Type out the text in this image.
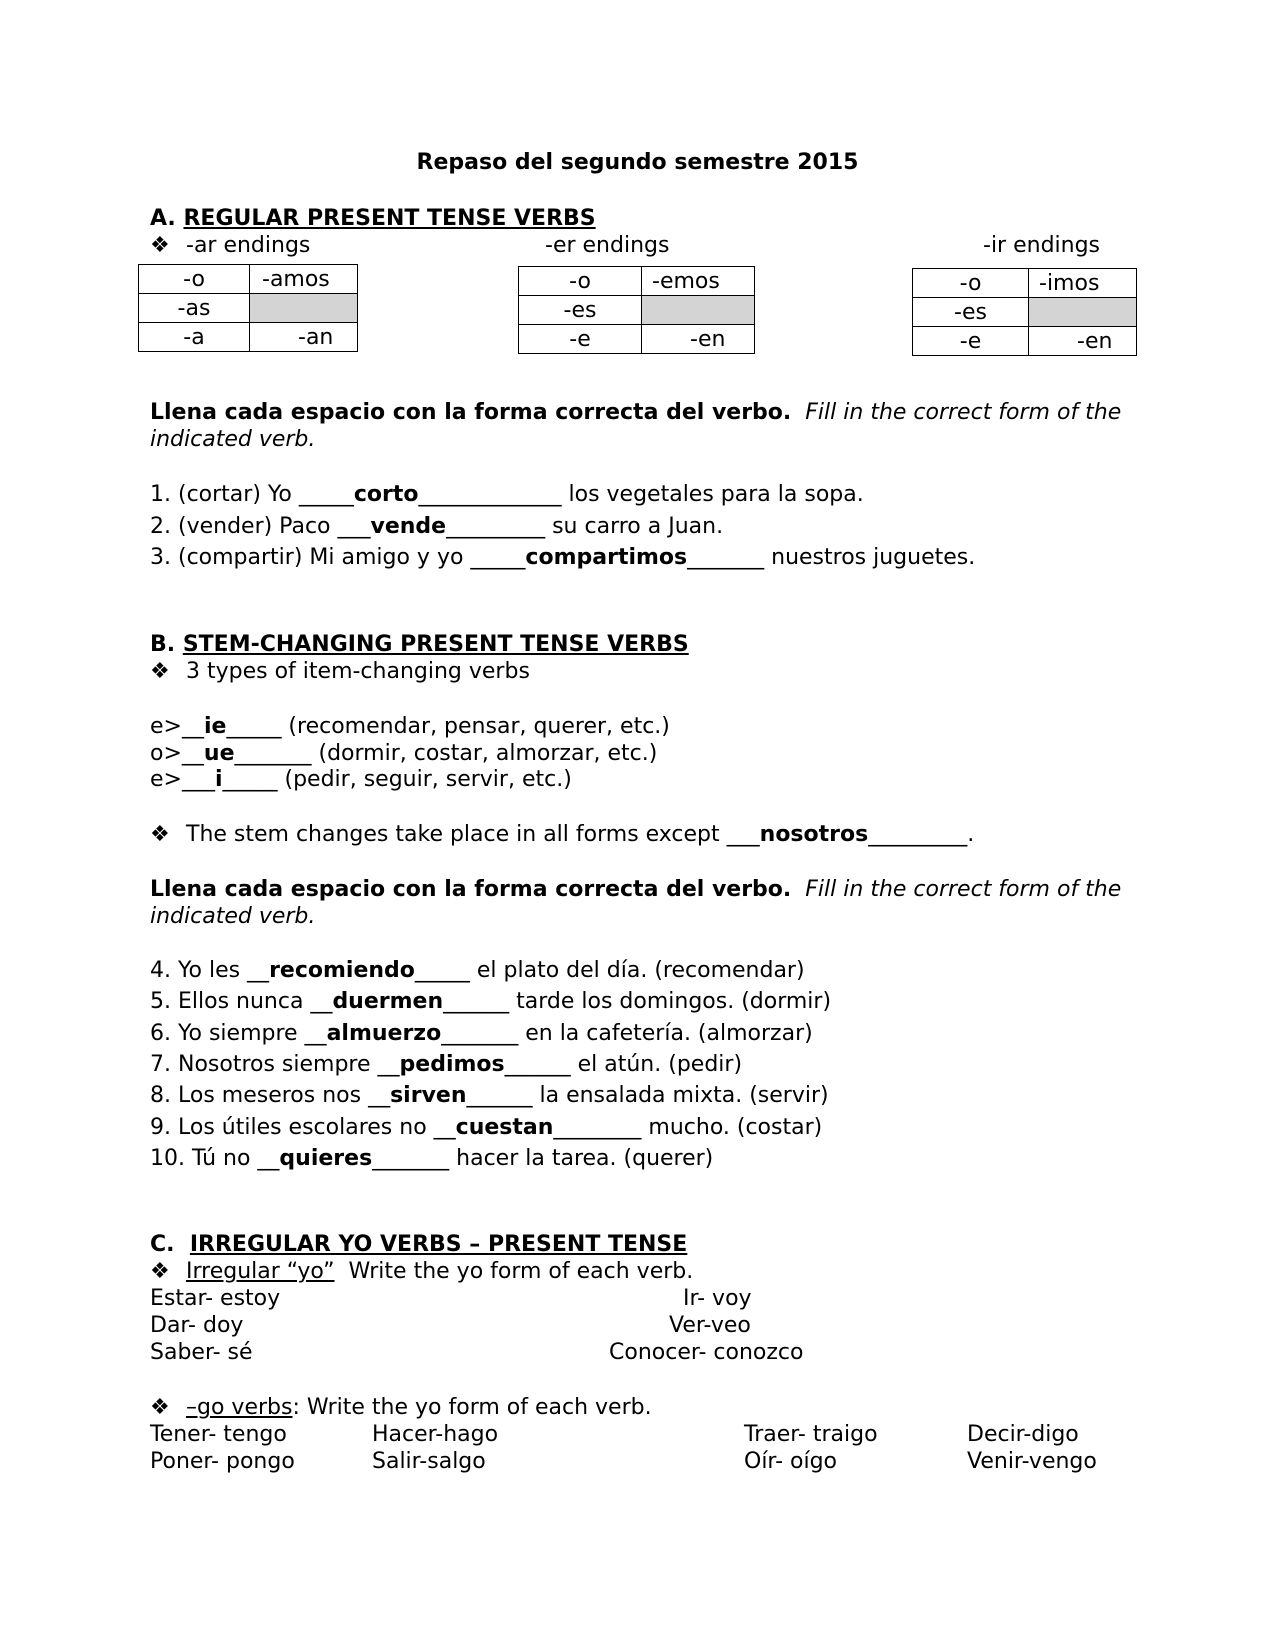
Repaso del segundo semestre 2015
A. REGULAR PRESENT TENSE VERBS
❖ -ar endings	-er endings	-ir endings
-o	-amos
-as	
-a	-an
-o	-emos
-es	
-e	-en
-o	-imos
-es	
-e	-en
Llena cada espacio con la forma correcta del verbo. Fill in the correct form of the
indicated verb.
1. (cortar) Yo _____corto_____________ los vegetales para la sopa.
2. (vender) Paco ___vende_________ su carro a Juan.
3. (compartir) Mi amigo y yo _____compartimos_______ nuestros juguetes.
B. STEM-CHANGING PRESENT TENSE VERBS
❖ 3 types of item-changing verbs
e>__ie_____ (recomendar, pensar, querer, etc.)
o>__ue_______ (dormir, costar, almorzar, etc.)
e>___i_____ (pedir, seguir, servir, etc.)
❖ The stem changes take place in all forms except ___nosotros_________.
Llena cada espacio con la forma correcta del verbo. Fill in the correct form of the
indicated verb.
4. Yo les __recomiendo_____ el plato del día. (recomendar)
5. Ellos nunca __duermen______ tarde los domingos. (dormir)
6. Yo siempre __almuerzo_______ en la cafetería. (almorzar)
7. Nosotros siempre __pedimos______ el atún. (pedir)
8. Los meseros nos __sirven______ la ensalada mixta. (servir)
9. Los útiles escolares no __cuestan________ mucho. (costar)
10. Tú no __quieres_______ hacer la tarea. (querer)
C. IRREGULAR YO VERBS – PRESENT TENSE
❖ Irregular “yo” Write the yo form of each verb.
Estar- estoy	Ir- voy
Dar- doy	Ver-veo
Saber- sé	Conocer- conozco
❖ –go verbs: Write the yo form of each verb.
Tener- tengo	Hacer-hago	Traer- traigo	Decir-digo
Poner- pongo	Salir-salgo	Oír- oígo	Venir-vengo
